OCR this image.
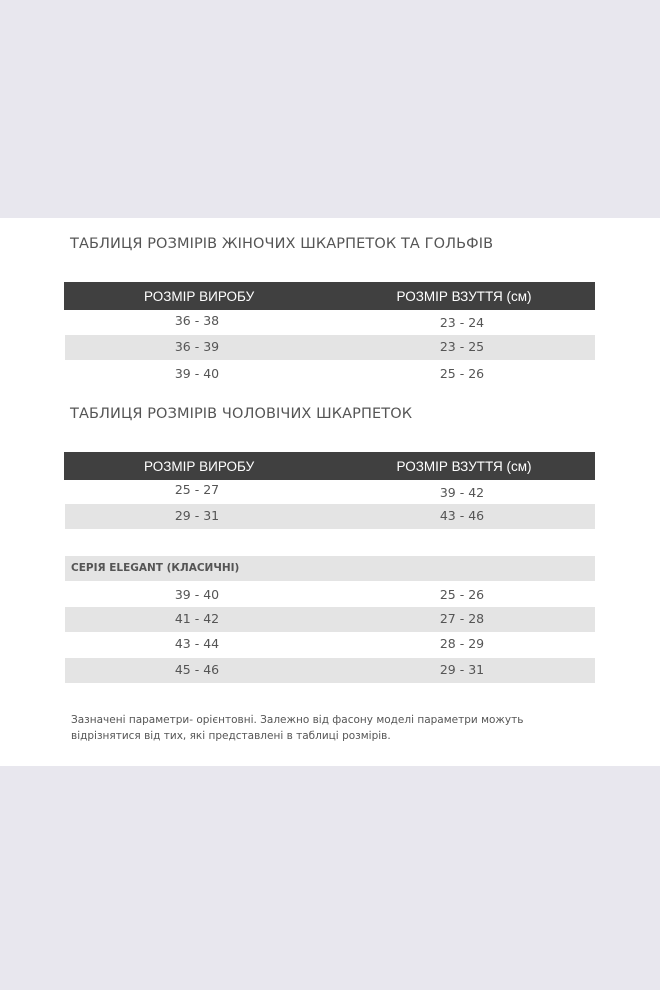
ТАБЛИЦЯ РОЗМІРІВ ЖІНОЧИХ ШКАРПЕТОК ТА ГОЛЬФІВ
РОЗМІР ВИРОБУ	РОЗМІР ВЗУТТЯ (см)
36 - 38	23 - 24
36 - 39	23 - 25
39 - 40	25 - 26
ТАБЛИЦЯ РОЗМІРІВ ЧОЛОВІЧИХ ШКАРПЕТОК
РОЗМІР ВИРОБУ	РОЗМІР ВЗУТТЯ (см)
25 - 27	39 - 42
29 - 31	43 - 46
СЕРІЯ ELEGANT (КЛАСИЧНІ)
39 - 40	25 - 26
41 - 42	27 - 28
43 - 44	28 - 29
45 - 46	29 - 31

Зазначені параметри- орієнтовні. Залежно від фасону моделі параметри можуть відрізнятися від тих, які представлені в таблиці розмірів.
